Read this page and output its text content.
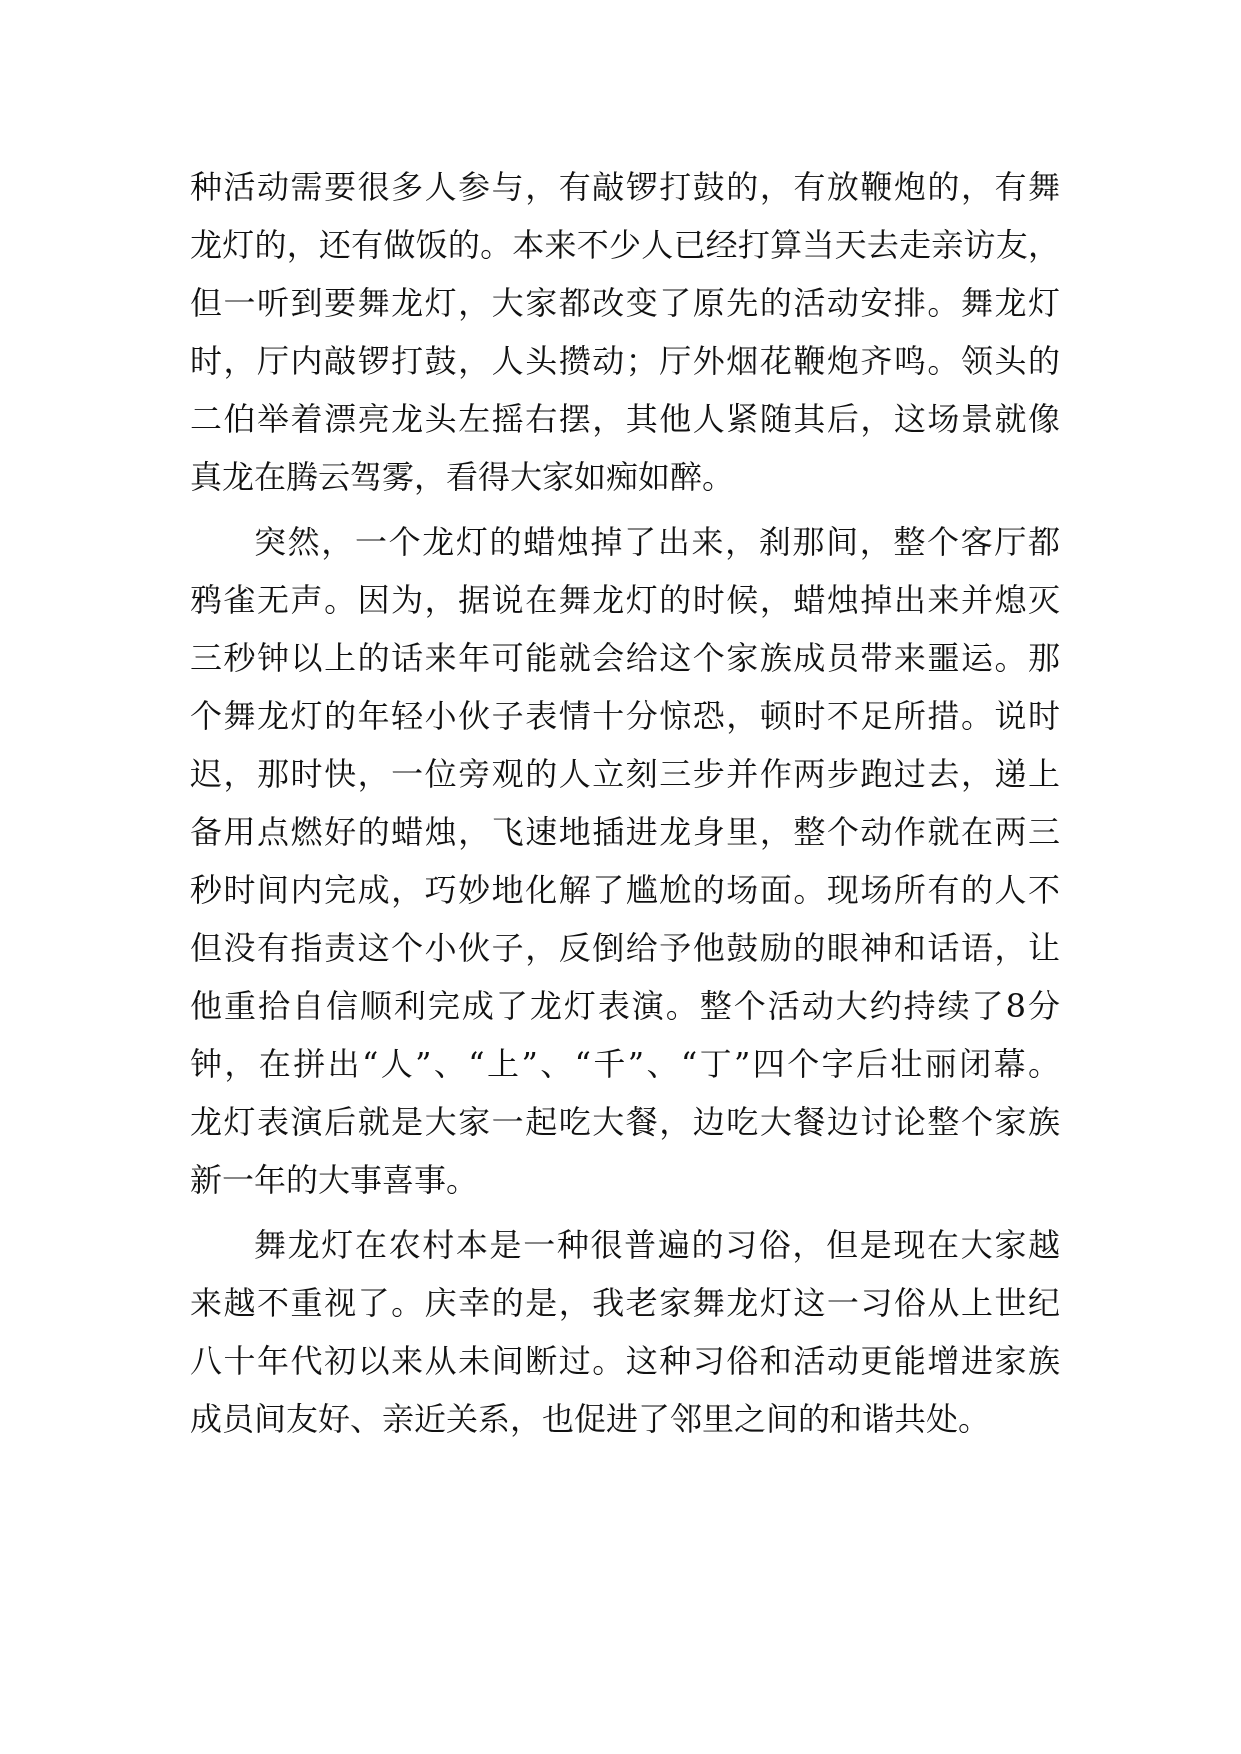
种活动需要很多人参与，有敲锣打鼓的，有放鞭炮的，有舞
龙灯的，还有做饭的。本来不少人已经打算当天去走亲访友，
但一听到要舞龙灯，大家都改变了原先的活动安排。舞龙灯
时，厅内敲锣打鼓，人头攒动；厅外烟花鞭炮齐鸣。领头的
二伯举着漂亮龙头左摇右摆，其他人紧随其后，这场景就像
真龙在腾云驾雾，看得大家如痴如醉。
突然，一个龙灯的蜡烛掉了出来，刹那间，整个客厅都
鸦雀无声。因为，据说在舞龙灯的时候，蜡烛掉出来并熄灭
三秒钟以上的话来年可能就会给这个家族成员带来噩运。那
个舞龙灯的年轻小伙子表情十分惊恐，顿时不足所措。说时
迟，那时快，一位旁观的人立刻三步并作两步跑过去，递上
备用点燃好的蜡烛，飞速地插进龙身里，整个动作就在两三
秒时间内完成，巧妙地化解了尴尬的场面。现场所有的人不
但没有指责这个小伙子，反倒给予他鼓励的眼神和话语，让
他重拾自信顺利完成了龙灯表演。整个活动大约持续了8分
钟，在拼出“人”、“上”、“千”、“丁”四个字后壮丽闭幕。
龙灯表演后就是大家一起吃大餐，边吃大餐边讨论整个家族
新一年的大事喜事。
舞龙灯在农村本是一种很普遍的习俗，但是现在大家越
来越不重视了。庆幸的是，我老家舞龙灯这一习俗从上世纪
八十年代初以来从未间断过。这种习俗和活动更能增进家族
成员间友好、亲近关系，也促进了邻里之间的和谐共处。
